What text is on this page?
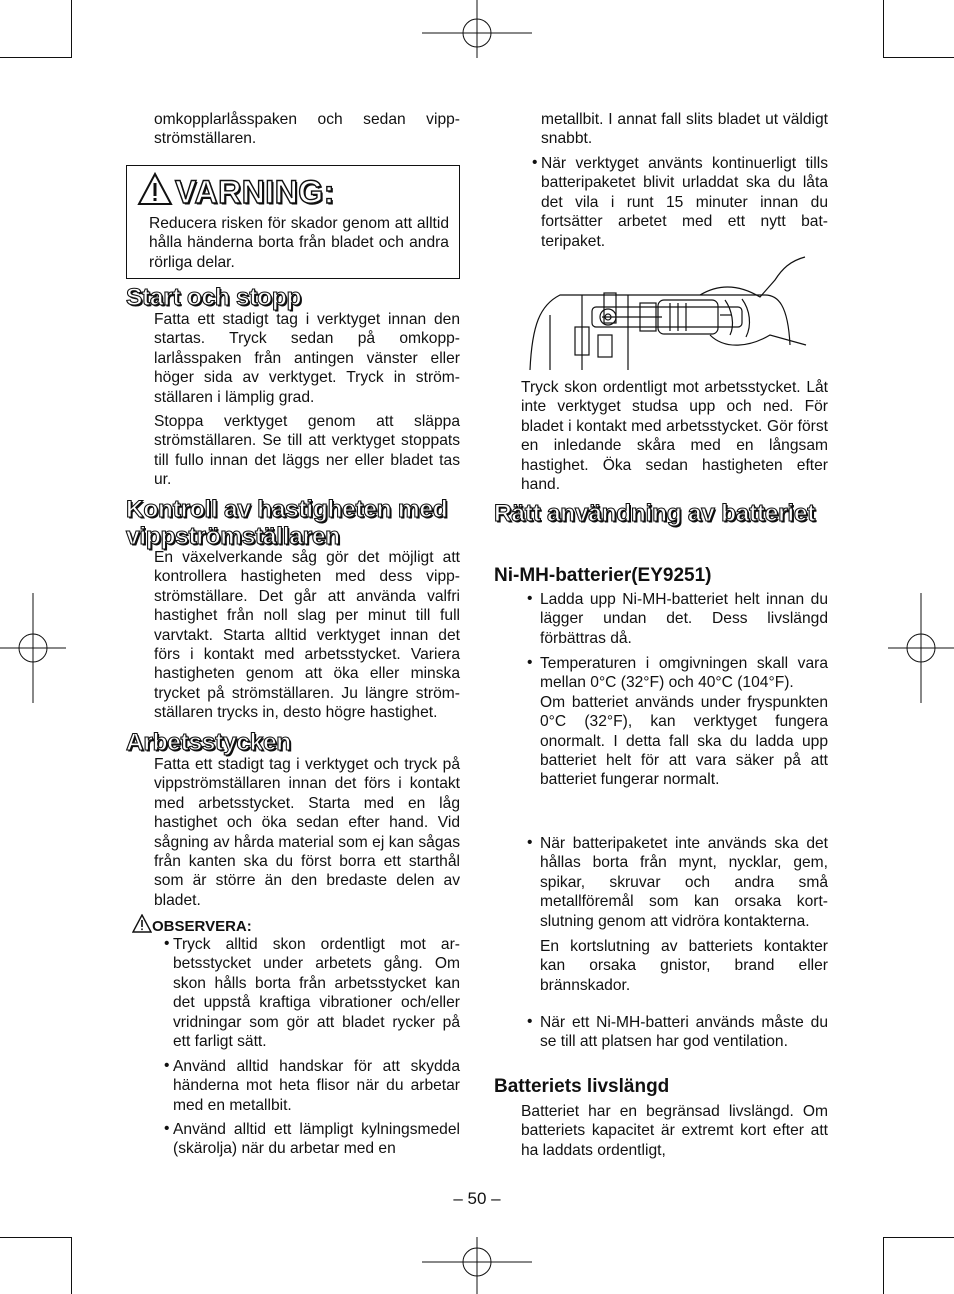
omkopplarlåsspaken och sedan vippströmställaren.

VARNING:

Reducera risken för skador genom att alltid hålla händerna borta från bladet och andra rörliga delar.

Start och stopp

Fatta ett stadigt tag i verktyget innan den startas. Tryck sedan på omkopplarlåsspaken från antingen vänster eller höger sida av verktyget. Tryck in strömställaren i lämplig grad.

Stoppa verktyget genom att släppa strömställaren. Se till att verktyget stoppats till fullo innan det läggs ner eller bladet tas ur.

Kontroll av hastigheten med vippströmställaren

En växelverkande såg gör det möjligt att kontrollera hastigheten med dess vippströmställare. Det går att använda valfri hastighet från noll slag per minut till full varvtakt. Starta alltid verktyget innan det förs i kontakt med arbetsstycket. Variera hastigheten genom att öka eller minska trycket på strömställaren. Ju längre strömställaren trycks in, desto högre hastighet.

Arbetsstycken

Fatta ett stadigt tag i verktyget och tryck på vippströmställaren innan det förs i kontakt med arbetsstycket. Starta med en låg hastighet och öka sedan efter hand. Vid sågning av hårda material som ej kan sågas från kanten ska du först borra ett starthål som är större än den bredaste delen av bladet.

OBSERVERA:
• Tryck alltid skon ordentligt mot arbetsstycket under arbetets gång. Om skon hålls borta från arbetsstycket kan det uppstå kraftiga vibrationer och/eller vridningar som gör att bladet rycker på ett farligt sätt.

• Använd alltid handskar för att skydda händerna mot heta flisor när du arbetar med en metallbit.

• Använd alltid ett lämpligt kylningsmedel (skärolja) när du arbetar med en

metallbit. I annat fall slits bladet ut väldigt snabbt.

• När verktyget använts kontinuerligt tills batteripaketet blivit urladdat ska du låta det vila i runt 15 minuter innan du fortsätter arbetet med ett nytt batteripaket.

Tryck skon ordentligt mot arbetsstycket. Låt inte verktyget studsa upp och ned. För bladet i kontakt med arbetsstycket. Gör först en inledande skåra med en långsam hastighet. Öka sedan hastigheten efter hand.

Rätt användning av batteriet
Ni-MH-batterier(EY9251)
• Ladda upp Ni-MH-batteriet helt innan du lägger undan det. Dess livslängd förbättras då.

• Temperaturen i omgivningen skall vara mellan 0°C (32°F) och 40°C (104°F).

Om batteriet används under fryspunkten 0°C (32°F), kan verktyget fungera onormalt. I detta fall ska du ladda upp batteriet helt för att vara säker på att batteriet fungerar normalt.

• När batteripaketet inte används ska det hållas borta från mynt, nycklar, gem, spikar, skruvar och andra små metallföremål som kan orsaka kortslutning genom att vidröra kontakterna.

En kortslutning av batteriets kontakter kan orsaka gnistor, brand eller brännskador.

• När ett Ni-MH-batteri används måste du se till att platsen har god ventilation.

Batteriets livslängd

Batteriet har en begränsad livslängd. Om batteriets kapacitet är extremt kort efter att ha laddats ordentligt,

– 50 –
